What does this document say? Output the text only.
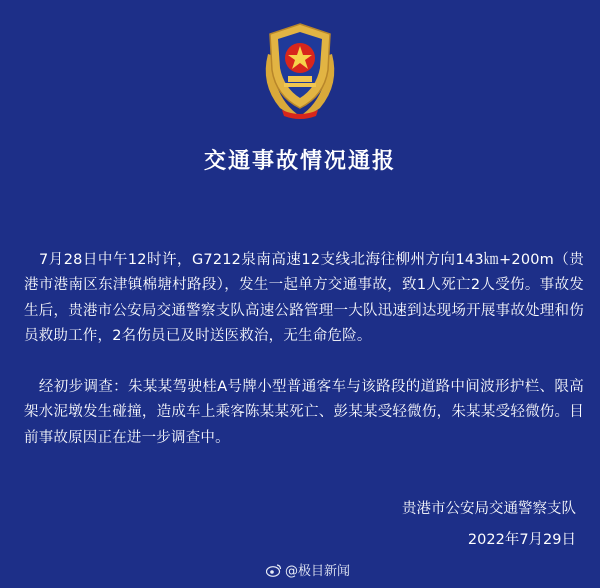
交通事故情况通报

　7月28日中午12时许，G7212泉南高速12支线北海往柳州方向143㎞+200m（贵港市港南区东津镇棉塘村路段），发生一起单方交通事故，致1人死亡2人受伤。事故发生后，贵港市公安局交通警察支队高速公路管理一大队迅速到达现场开展事故处理和伤员救助工作，2名伤员已及时送医救治，无生命危险。

　经初步调查：朱某某驾驶桂A号牌小型普通客车与该路段的道路中间波形护栏、限高架水泥墩发生碰撞，造成车上乘客陈某某死亡、彭某某受轻微伤，朱某某受轻微伤。目前事故原因正在进一步调查中。

贵港市公安局交通警察支队
2022年7月29日
@极目新闻
